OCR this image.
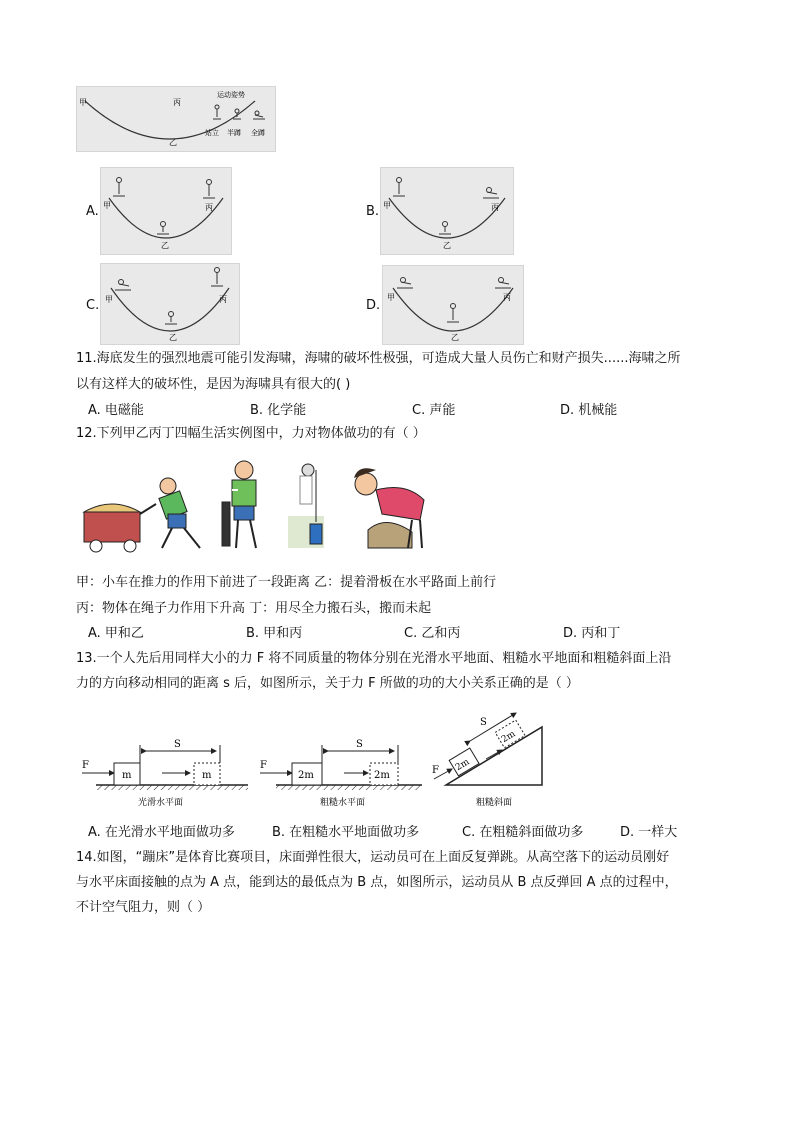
甲
乙
丙
运动姿势
站立 半蹲 全蹲
A. 甲
乙
丙	B. 甲
乙
丙
C. 甲
乙
丙	D.
甲
乙
丙
11.海底发生的强烈地震可能引发海啸，海啸的破坏性极强，可造成大量人员伤亡和财产损失......海啸之所
以有这样大的破坏性，是因为海啸具有很大的( )
A. 电磁能	B. 化学能	C. 声能	D. 机械能
12.下列甲乙丙丁四幅生活实例图中，力对物体做功的有（ ）
甲：小车在推力的作用下前进了一段距离 乙：提着滑板在水平路面上前行
丙：物体在绳子力作用下升高 丁：用尽全力搬石头，搬而未起
A. 甲和乙	B. 甲和丙	C. 乙和丙	D. 丙和丁
13.一个人先后用同样大小的力 F 将不同质量的物体分别在光滑水平地面、粗糙水平地面和粗糙斜面上沿
力的方向移动相同的距离 s 后，如图所示，关于力 F 所做的功的大小关系正确的是（ ）
F
m
S
m
光滑水平面
F
2m
S
2m
粗糙水平面
F 2m
2m
S
粗糙斜面
A. 在光滑水平地面做功多	B. 在粗糙水平地面做功多	C. 在粗糙斜面做功多	D. 一样大
14.如图，“蹦床”是体育比赛项目，床面弹性很大，运动员可在上面反复弹跳。从高空落下的运动员刚好
与水平床面接触的点为 A 点，能到达的最低点为 B 点，如图所示，运动员从 B 点反弹回 A 点的过程中，
不计空气阻力，则（ ）
